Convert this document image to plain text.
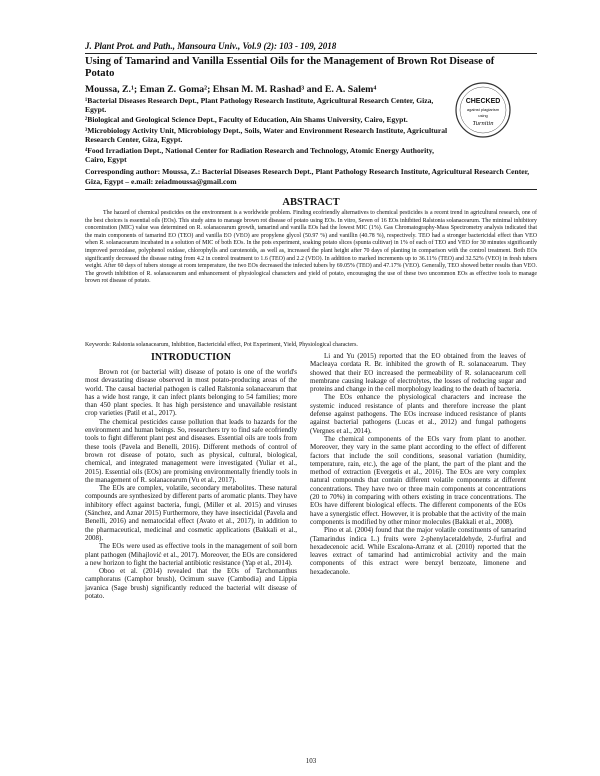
J. Plant Prot. and Path., Mansoura Univ., Vol.9 (2): 103 - 109, 2018
Using of Tamarind and Vanilla Essential Oils for the Management of Brown Rot Disease of Potato
Moussa, Z.¹; Eman Z. Goma²; Ehsan M. M. Rashad³ and E. A. Salem⁴
¹Bacterial Diseases Research Dept., Plant Pathology Research Institute, Agricultural Research Center, Giza, Egypt.
²Biological and Geological Science Dept., Faculty of Education, Ain Shams University, Cairo, Egypt.
³Microbiology Activity Unit, Microbiology Dept., Soils, Water and Environment Research Institute, Agricultural Research Center, Giza, Egypt.
⁴Food Irradiation Dept., National Center for Radiation Research and Technology, Atomic Energy Authority, Cairo, Egypt
Corresponding author: Moussa, Z.: Bacterial Diseases Research Dept., Plant Pathology Research Institute, Agricultural Research Center, Giza, Egypt – e.mail: zeiadmoussa@gmail.com
CHECKED
against plagiarism
using
Turnitin
ABSTRACT
The hazard of chemical pesticides on the environment is a worldwide problem. Finding ecofriendly alternatives to chemical pesticides is a recent trend in agricultural research, one of the best choices is essential oils (EOs). This study aims to manage brown rot disease of potato using EOs. In vitro, Seven of 16 EOs inhibited Ralstonia solanacearum. The minimal inhibitory concentration (MIC) value was determined on R. solanacearum growth, tamarind and vanilla EOs had the lowest MIC (1%). Gas Chromatography-Mass Spectrometry analysis indicated that the main components of tamarind EO (TEO) and vanilla EO (VEO) are propylene glycol (50.97 %) and vanillin (40.78 %), respectively. TEO had a stronger bactericidal effect than VEO when R. solanacearum incubated in a solution of MIC of both EOs. In the pots experiment, soaking potato slices (spunta cultivar) in 1% of each of TEO and VEO for 30 minutes significantly improved peroxidase, polyphenol oxidase, chlorophylls and carotenoids, as well as, increased the plant height after 70 days of planting in comparison with the control treatment. Both EOs significantly decreased the disease rating from 4.2 in control treatment to 1.6 (TEO) and 2.2 (VEO). In addition to marked increments up to 36.11% (TEO) and 32.52% (VEO) in fresh tubers weight. After 60 days of tubers storage at room temperature, the two EOs decreased the infected tubers by 69.05% (TEO) and 47.17% (VEO). Generally, TEO showed better results than VEO. The growth inhibition of R. solanacearum and enhancement of physiological characters and yield of potato, encouraging the use of these two uncommon EOs as effective tools to manage brown rot disease of potato.
Keywords: Ralstonia solanacearum, Inhibition, Bactericidal effect, Pot Experiment, Yield, Physiological characters.
INTRODUCTION

Brown rot (or bacterial wilt) disease of potato is one of the world's most devastating disease observed in most potato-producing areas of the world. The causal bacterial pathogen is called Ralstonia solanacearum that has a wide host range, it can infect plants belonging to 54 families; more than 450 plant species. It has high persistence and unavailable resistant crop varieties (Patil et al., 2017).

The chemical pesticides cause pollution that leads to hazards for the environment and human beings. So, researchers try to find safe ecofriendly tools to fight different plant pest and diseases. Essential oils are tools from these tools (Pavela and Benelli, 2016). Different methods of control of brown rot disease of potato, such as physical, cultural, biological, chemical, and integrated management were investigated (Yuliar et al., 2015). Essential oils (EOs) are promising environmentally friendly tools in the management of R. solanacearum (Vu et al., 2017).

The EOs are complex, volatile, secondary metabolites. These natural compounds are synthesized by different parts of aromatic plants. They have inhibitory effect against bacteria, fungi, (Miller et al. 2015) and viruses (Sánchez, and Aznar 2015) Furthermore, they have insecticidal (Pavela and Benelli, 2016) and nematocidal effect (Avato et al., 2017), in addition to the pharmaceutical, medicinal and cosmetic applications (Bakkali et al., 2008).

The EOs were used as effective tools in the management of soil born plant pathogen (Mihajlović et al., 2017). Moreover, the EOs are considered a new horizon to fight the bacterial antibiotic resistance (Yap et al., 2014).

Oboo et al. (2014) revealed that the EOs of Tarchonanthus camphoratus (Camphor brush), Ocimum suave (Cambodia) and Lippia javanica (Sage brush) significantly reduced the bacterial wilt disease of potato.

Li and Yu (2015) reported that the EO obtained from the leaves of Macleaya cordata R. Br. inhibited the growth of R. solanacearum. They showed that their EO increased the permeability of R. solanacearum cell membrane causing leakage of electrolytes, the losses of reducing sugar and proteins and change in the cell morphology leading to the death of bacteria.

The EOs enhance the physiological characters and increase the systemic induced resistance of plants and therefore increase the plant defense against pathogens. The EOs increase induced resistance of plants against bacterial pathogens (Lucas et al., 2012) and fungal pathogens (Vergnes et al., 2014).

The chemical components of the EOs vary from plant to another. Moreover, they vary in the same plant according to the effect of different factors that include the soil conditions, seasonal variation (humidity, temperature, rain, etc.), the age of the plant, the part of the plant and the method of extraction (Evergetis et al., 2016). The EOs are very complex natural compounds that contain different volatile components at different concentrations. They have two or three main components at concentrations (20 to 70%) in comparing with others existing in trace concentrations. The EOs have different biological effects. The different components of the EOs have a synergistic effect. However, it is probable that the activity of the main components is modified by other minor molecules (Bakkali et al., 2008).

Pino et al. (2004) found that the major volatile constituents of tamarind (Tamarindus indica L.) fruits were 2-phenylacetaldehyde, 2-furfral and hexadecenoic acid. While Escalona-Arranz et al. (2010) reported that the leaves extract of tamarind had antimicrobial activity and the main components of this extract were benzyl benzoate, limonene and hexadecanole.

103
